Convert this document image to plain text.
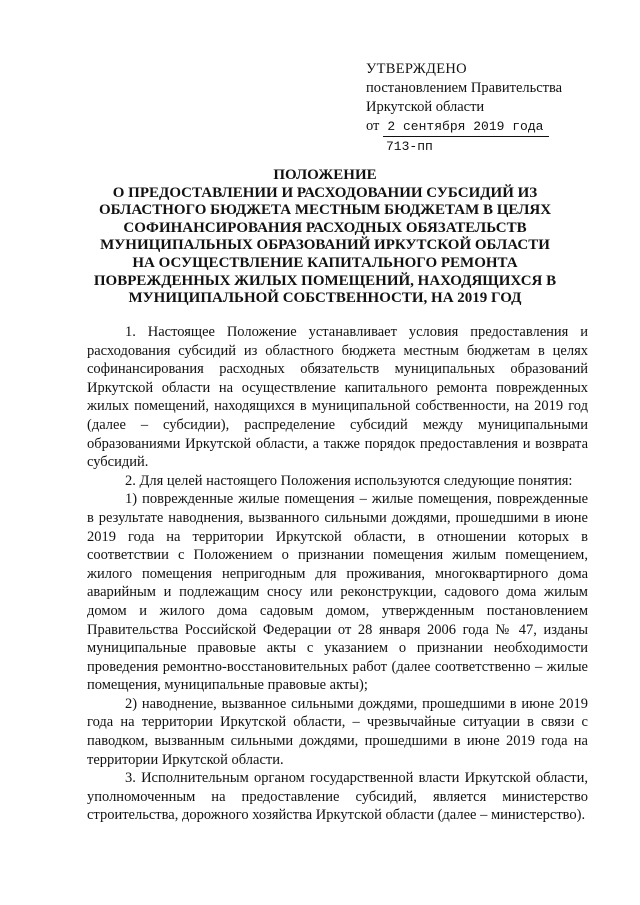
УТВЕРЖДЕНО
постановлением Правительства
Иркутской области
от 2 сентября 2019 года
713-пп
ПОЛОЖЕНИЕ
О ПРЕДОСТАВЛЕНИИ И РАСХОДОВАНИИ СУБСИДИЙ ИЗ
ОБЛАСТНОГО БЮДЖЕТА МЕСТНЫМ БЮДЖЕТАМ В ЦЕЛЯХ
СОФИНАНСИРОВАНИЯ РАСХОДНЫХ ОБЯЗАТЕЛЬСТВ
МУНИЦИПАЛЬНЫХ ОБРАЗОВАНИЙ ИРКУТСКОЙ ОБЛАСТИ
НА ОСУЩЕСТВЛЕНИЕ КАПИТАЛЬНОГО РЕМОНТА
ПОВРЕЖДЕННЫХ ЖИЛЫХ ПОМЕЩЕНИЙ, НАХОДЯЩИХСЯ В
МУНИЦИПАЛЬНОЙ СОБСТВЕННОСТИ, НА 2019 ГОД

1. Настоящее Положение устанавливает условия предоставления и расходования субсидий из областного бюджета местным бюджетам в целях софинансирования расходных обязательств муниципальных образований Иркутской области на осуществление капитального ремонта поврежденных жилых помещений, находящихся в муниципальной собственности, на 2019 год (далее – субсидии), распределение субсидий между муниципальными образованиями Иркутской области, а также порядок предоставления и возврата субсидий.

2. Для целей настоящего Положения используются следующие понятия:

1) поврежденные жилые помещения – жилые помещения, поврежденные в результате наводнения, вызванного сильными дождями, прошедшими в июне 2019 года на территории Иркутской области, в отношении которых в соответствии с Положением о признании помещения жилым помещением, жилого помещения непригодным для проживания, многоквартирного дома аварийным и подлежащим сносу или реконструкции, садового дома жилым домом и жилого дома садовым домом, утвержденным постановлением Правительства Российской Федерации от 28 января 2006 года № 47, изданы муниципальные правовые акты с указанием о признании необходимости проведения ремонтно-восстановительных работ (далее соответственно – жилые помещения, муниципальные правовые акты);

2) наводнение, вызванное сильными дождями, прошедшими в июне 2019 года на территории Иркутской области, – чрезвычайные ситуации в связи с паводком, вызванным сильными дождями, прошедшими в июне 2019 года на территории Иркутской области.

3. Исполнительным органом государственной власти Иркутской области, уполномоченным на предоставление субсидий, является министерство строительства, дорожного хозяйства Иркутской области (далее – министерство).
